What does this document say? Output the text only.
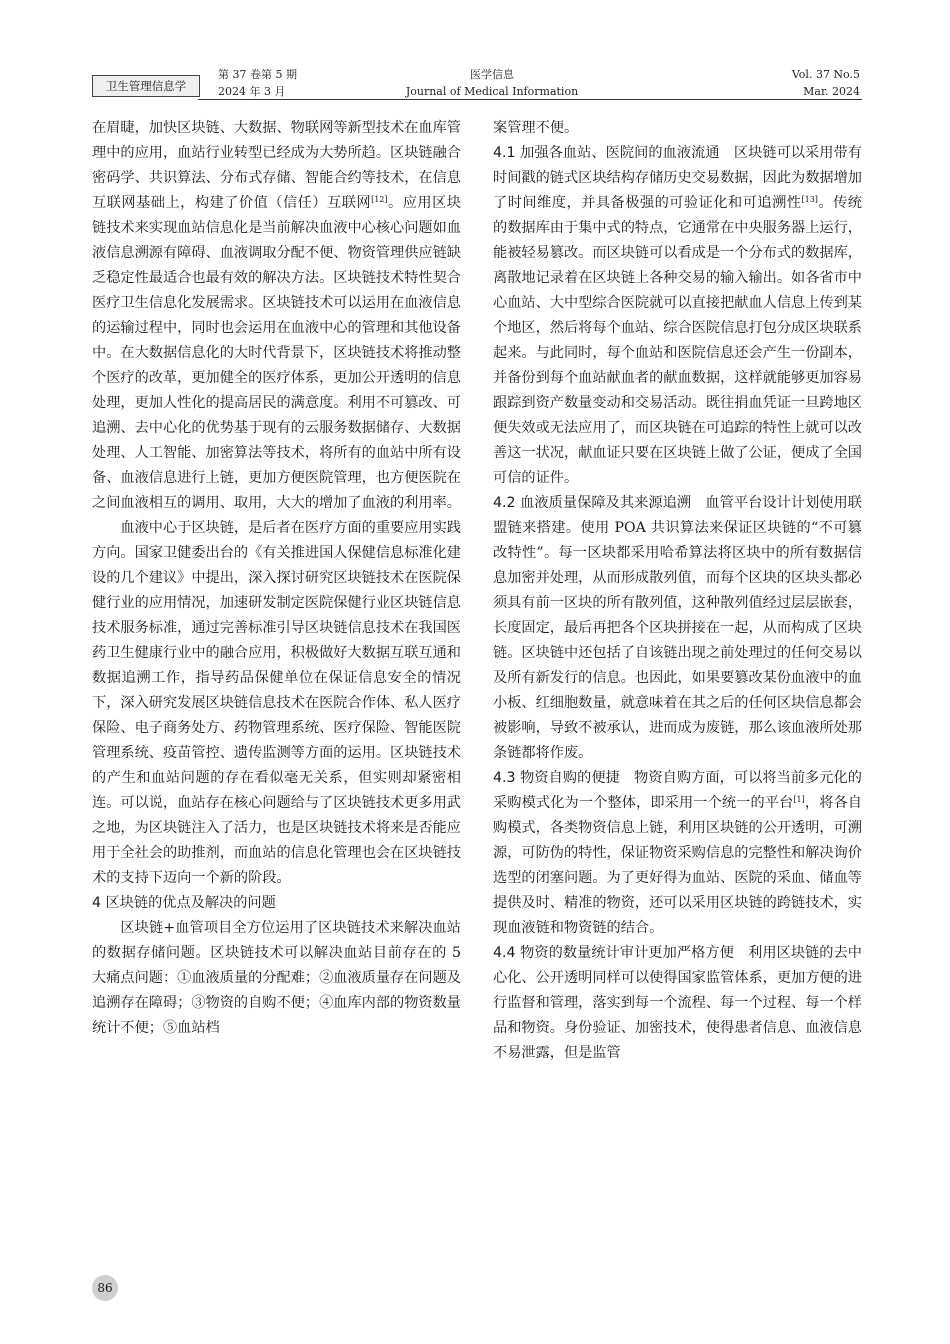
卫生管理信息学
第 37 卷第 5 期
2024 年 3 月
医学信息
Journal of Medical Information
Vol. 37 No.5
Mar. 2024

在眉睫，加快区块链、大数据、物联网等新型技术在血库管理中的应用，血站行业转型已经成为大势所趋。区块链融合密码学、共识算法、分布式存储、智能合约等技术，在信息互联网基础上，构建了价值（信任）互联网[12]。应用区块链技术来实现血站信息化是当前解决血液中心核心问题如血液信息溯源有障碍、血液调取分配不便、物资管理供应链缺乏稳定性最适合也最有效的解决方法。区块链技术特性契合医疗卫生信息化发展需求。区块链技术可以运用在血液信息的运输过程中，同时也会运用在血液中心的管理和其他设备中。在大数据信息化的大时代背景下，区块链技术将推动整个医疗的改革，更加健全的医疗体系，更加公开透明的信息处理，更加人性化的提高居民的满意度。利用不可篡改、可追溯、去中心化的优势基于现有的云服务数据储存、大数据处理、人工智能、加密算法等技术，将所有的血站中所有设备、血液信息进行上链，更加方便医院管理，也方便医院在之间血液相互的调用、取用，大大的增加了血液的利用率。

血液中心于区块链，是后者在医疗方面的重要应用实践方向。国家卫健委出台的《有关推进国人保健信息标准化建设的几个建议》中提出，深入探讨研究区块链技术在医院保健行业的应用情况，加速研发制定医院保健行业区块链信息技术服务标准，通过完善标准引导区块链信息技术在我国医药卫生健康行业中的融合应用，积极做好大数据互联互通和数据追溯工作，指导药品保健单位在保证信息安全的情况下，深入研究发展区块链信息技术在医院合作体、私人医疗保险、电子商务处方、药物管理系统、医疗保险、智能医院管理系统、疫苗管控、遗传监测等方面的运用。区块链技术的产生和血站问题的存在看似毫无关系，但实则却紧密相连。可以说，血站存在核心问题给与了区块链技术更多用武之地，为区块链注入了活力，也是区块链技术将来是否能应用于全社会的助推剂，而血站的信息化管理也会在区块链技术的支持下迈向一个新的阶段。

4 区块链的优点及解决的问题

区块链+血管项目全方位运用了区块链技术来解决血站的数据存储问题。区块链技术可以解决血站目前存在的 5 大痛点问题：①血液质量的分配难；②血液质量存在问题及追溯存在障碍；③物资的自购不便；④血库内部的物资数量统计不便；⑤血站档

案管理不便。

4.1 加强各血站、医院间的血液流通  区块链可以采用带有时间戳的链式区块结构存储历史交易数据，因此为数据增加了时间维度，并具备极强的可验证化和可追溯性[13]。传统的数据库由于集中式的特点，它通常在中央服务器上运行，能被轻易篡改。而区块链可以看成是一个分布式的数据库，离散地记录着在区块链上各种交易的输入输出。如各省市中心血站、大中型综合医院就可以直接把献血人信息上传到某个地区，然后将每个血站、综合医院信息打包分成区块联系起来。与此同时，每个血站和医院信息还会产生一份副本，并备份到每个血站献血者的献血数据，这样就能够更加容易跟踪到资产数量变动和交易活动。既往捐血凭证一旦跨地区便失效或无法应用了，而区块链在可追踪的特性上就可以改善这一状况，献血证只要在区块链上做了公证，便成了全国可信的证件。

4.2 血液质量保障及其来源追溯  血管平台设计计划使用联盟链来搭建。使用 POA 共识算法来保证区块链的“不可篡改特性”。每一区块都采用哈希算法将区块中的所有数据信息加密并处理，从而形成散列值，而每个区块的区块头都必须具有前一区块的所有散列值，这种散列值经过层层嵌套，长度固定，最后再把各个区块拼接在一起，从而构成了区块链。区块链中还包括了自该链出现之前处理过的任何交易以及所有新发行的信息。也因此，如果要篡改某份血液中的血小板、红细胞数量，就意味着在其之后的任何区块信息都会被影响，导致不被承认，进而成为废链，那么该血液所处那条链都将作废。

4.3 物资自购的便捷  物资自购方面，可以将当前多元化的采购模式化为一个整体，即采用一个统一的平台[1]，将各自购模式，各类物资信息上链，利用区块链的公开透明，可溯源，可防伪的特性，保证物资采购信息的完整性和解决询价选型的闭塞问题。为了更好得为血站、医院的采血、储血等提供及时、精准的物资，还可以采用区块链的跨链技术，实现血液链和物资链的结合。

4.4 物资的数量统计审计更加严格方便  利用区块链的去中心化、公开透明同样可以使得国家监管体系，更加方便的进行监督和管理，落实到每一个流程、每一个过程、每一个样品和物资。身份验证、加密技术，使得患者信息、血液信息不易泄露，但是监管

86
